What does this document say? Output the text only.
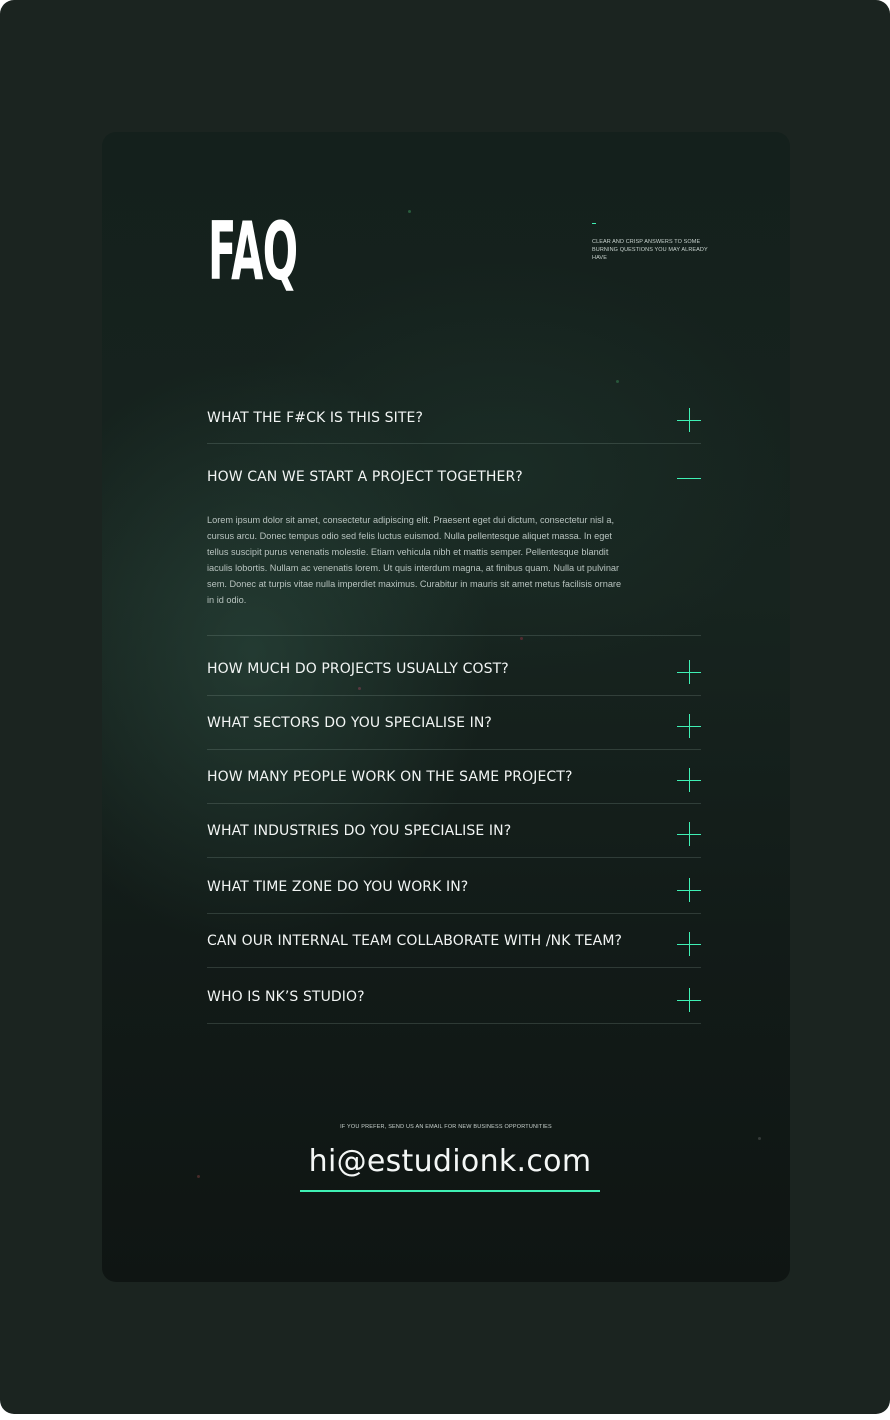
FAQ	CLEAR AND CRISP ANSWERS TO SOME BURNING QUESTIONS YOU MAY ALREADY HAVE

WHAT THE F#CK IS THIS SITE?
HOW CAN WE START A PROJECT TOGETHER?

Lorem ipsum dolor sit amet, consectetur adipiscing elit. Praesent eget dui dictum, consectetur nisl a, cursus arcu. Donec tempus odio sed felis luctus euismod. Nulla pellentesque aliquet massa. In eget tellus suscipit purus venenatis molestie. Etiam vehicula nibh et mattis semper. Pellentesque blandit iaculis lobortis. Nullam ac venenatis lorem. Ut quis interdum magna, at finibus quam. Nulla ut pulvinar sem. Donec at turpis vitae nulla imperdiet maximus. Curabitur in mauris sit amet metus facilisis ornare in id odio.

HOW MUCH DO PROJECTS USUALLY COST?
WHAT SECTORS DO YOU SPECIALISE IN?
HOW MANY PEOPLE WORK ON THE SAME PROJECT?
WHAT INDUSTRIES DO YOU SPECIALISE IN?
WHAT TIME ZONE DO YOU WORK IN?
CAN OUR INTERNAL TEAM COLLABORATE WITH /NK TEAM?
WHO IS NK’S STUDIO?

IF YOU PREFER, SEND US AN EMAIL FOR NEW BUSINESS OPPORTUNITIES

hi@estudionk.com
